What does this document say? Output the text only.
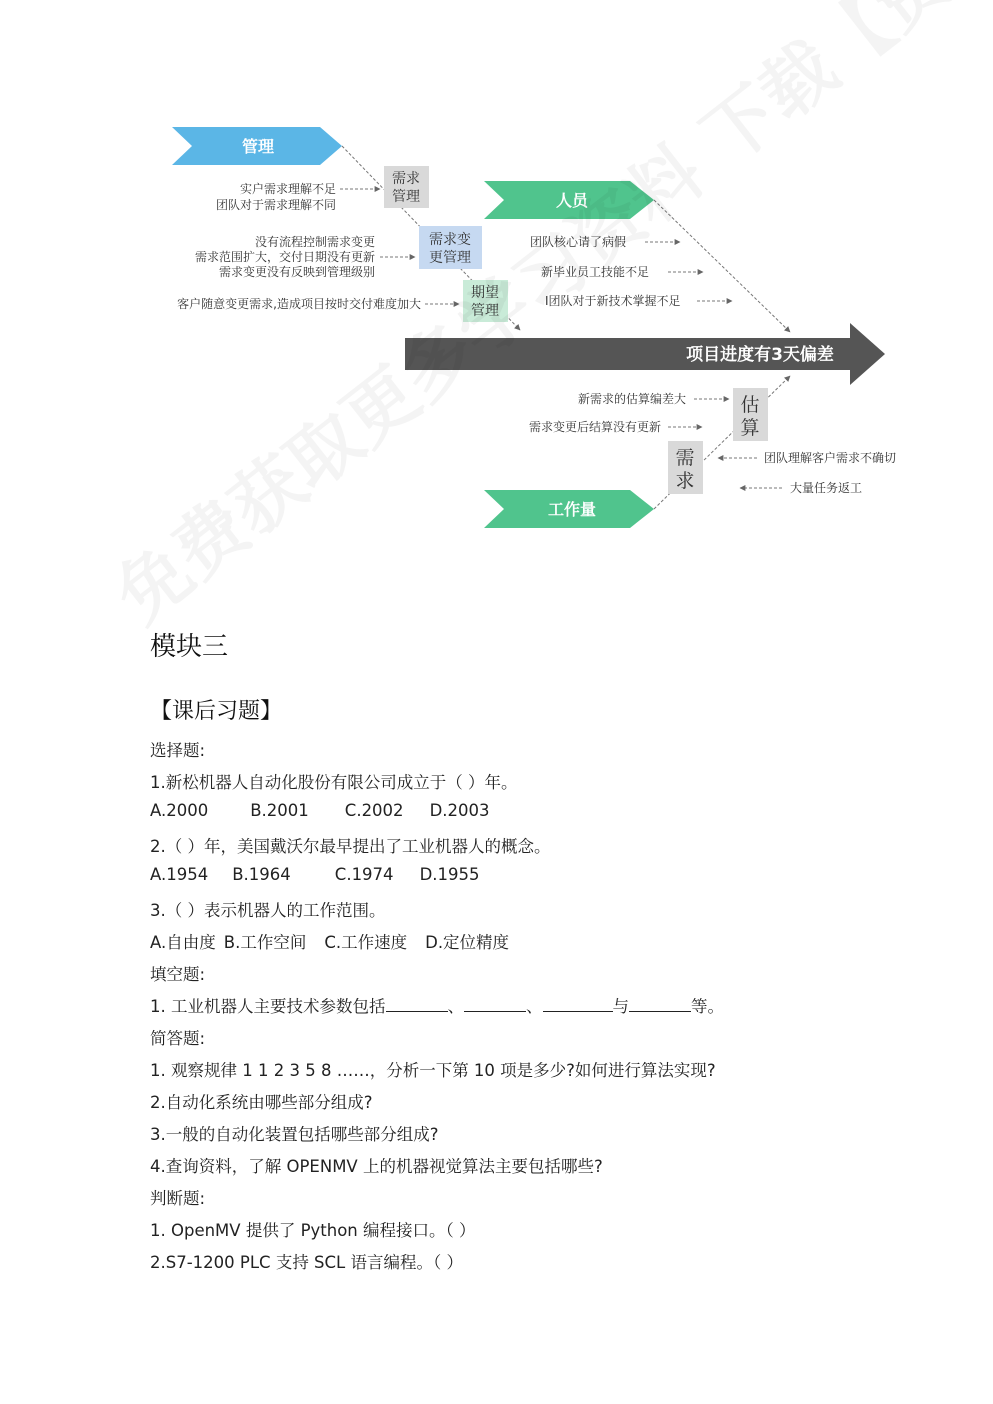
管理
人员
工作量
项目进度有3天偏差
需求
管理
需求变
更管理
期望
管理
估
算
需
求
实户需求理解不足
团队对于需求理解不同
没有流程控制需求变更
需求范围扩大，交付日期没有更新
需求变更没有反映到管理级别
客户随意变更需求,造成项目按时交付难度加大
团队核心请了病假
新毕业员工技能不足
I团队对于新技术掌握不足
新需求的估算编差大
需求变更后结算没有更新
团队理解客户需求不确切
大量任务返工
模块三
【课后习题】
选择题:
1.新松机器人自动化股份有限公司成立于（ ）年。
A.2000	B.2001 C.2002 D.2003
2.（ ）年，美国戴沃尔最早提出了工业机器人的概念。
A.1954 B.1964	C.1974 D.1955
3.（ ）表示机器人的工作范围。
A.自由度 B.工作空间 C.工作速度 D.定位精度
填空题:
1. 工业机器人主要技术参数包括	、	、	与	等。
简答题:
1. 观察规律 1 1 2 3 5 8 ……，分析一下第 10 项是多少?如何进行算法实现?
2.自动化系统由哪些部分组成?
3.一般的自动化装置包括哪些部分组成?
4.查询资料，了解 OPENMV 上的机器视觉算法主要包括哪些?
判断题:
1. OpenMV 提供了 Python 编程接口。（ ）
2.S7-1200 PLC 支持 SCL 语言编程。（ ）
